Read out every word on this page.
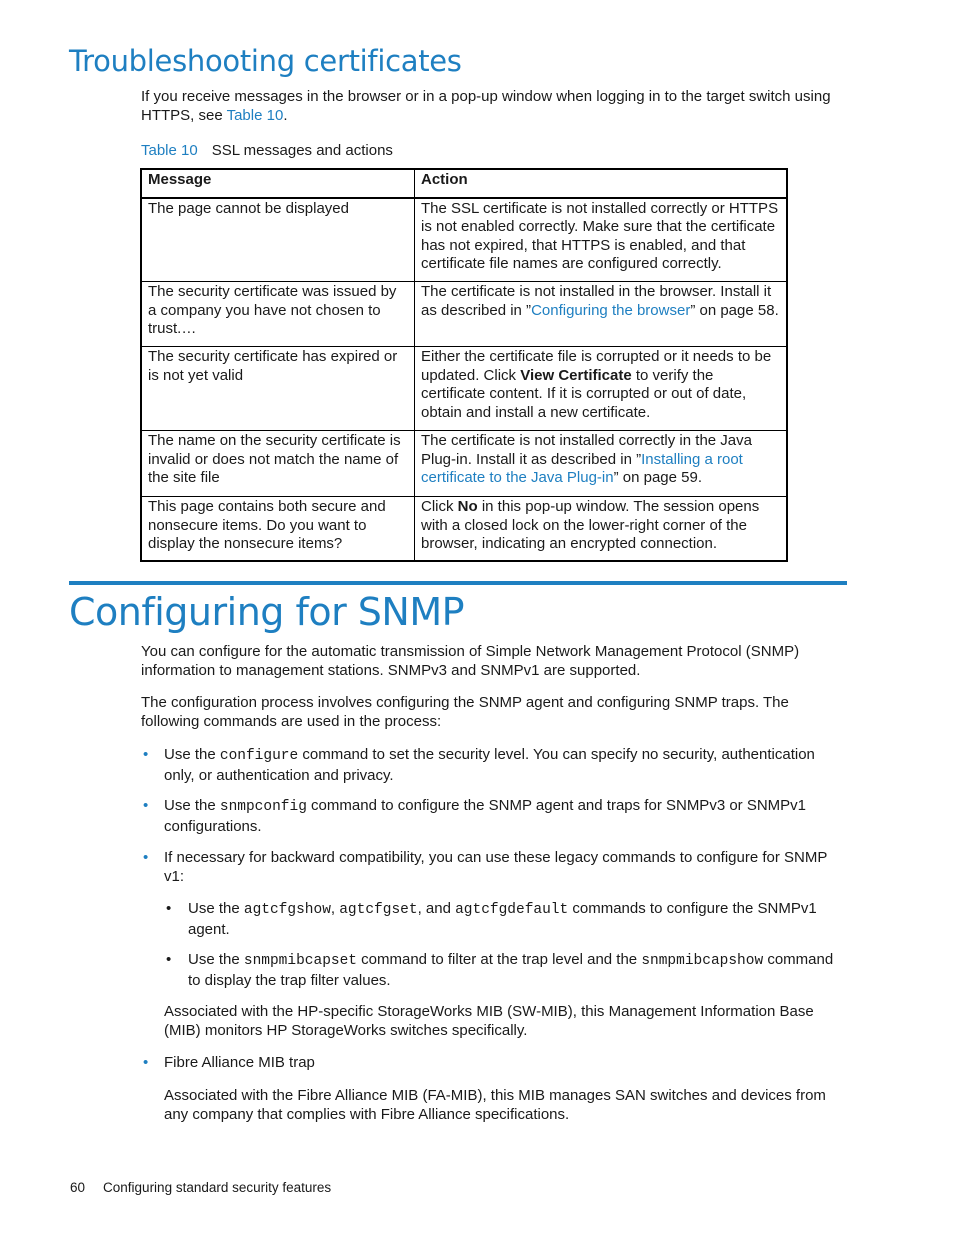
Troubleshooting certificates

If you receive messages in the browser or in a pop-up window when logging in to the target switch using HTTPS, see Table 10.

Table 10 SSL messages and actions
Message	Action
The page cannot be displayed	The SSL certificate is not installed correctly or HTTPS is not enabled correctly. Make sure that the certificate has not expired, that HTTPS is enabled, and that certificate file names are configured correctly.
The security certificate was issued by a company you have not chosen to trust.…	The certificate is not installed in the browser. Install it as described in ”Configuring the browser” on page 58.
The security certificate has expired or is not yet valid	Either the certificate file is corrupted or it needs to be updated. Click View Certificate to verify the certificate content. If it is corrupted or out of date, obtain and install a new certificate.
The name on the security certificate is invalid or does not match the name of the site file	The certificate is not installed correctly in the Java Plug-in. Install it as described in ”Installing a root certificate to the Java Plug-in” on page 59.
This page contains both secure and nonsecure items. Do you want to display the nonsecure items?	Click No in this pop-up window. The session opens with a closed lock on the lower-right corner of the browser, indicating an encrypted connection.
Configuring for SNMP

You can configure for the automatic transmission of Simple Network Management Protocol (SNMP) information to management stations. SNMPv3 and SNMPv1 are supported.

The configuration process involves configuring the SNMP agent and configuring SNMP traps. The following commands are used in the process:

• Use the configure command to set the security level. You can specify no security, authentication only, or authentication and privacy.

• Use the snmpconfig command to configure the SNMP agent and traps for SNMPv3 or SNMPv1 configurations.

• If necessary for backward compatibility, you can use these legacy commands to configure for SNMP v1:

• Use the agtcfgshow, agtcfgset, and agtcfgdefault commands to configure the SNMPv1 agent.

• Use the snmpmibcapset command to filter at the trap level and the snmpmibcapshow command to display the trap filter values.

Associated with the HP-specific StorageWorks MIB (SW-MIB), this Management Information Base (MIB) monitors HP StorageWorks switches specifically.

• Fibre Alliance MIB trap

Associated with the Fibre Alliance MIB (FA-MIB), this MIB manages SAN switches and devices from any company that complies with Fibre Alliance specifications.

60 Configuring standard security features
